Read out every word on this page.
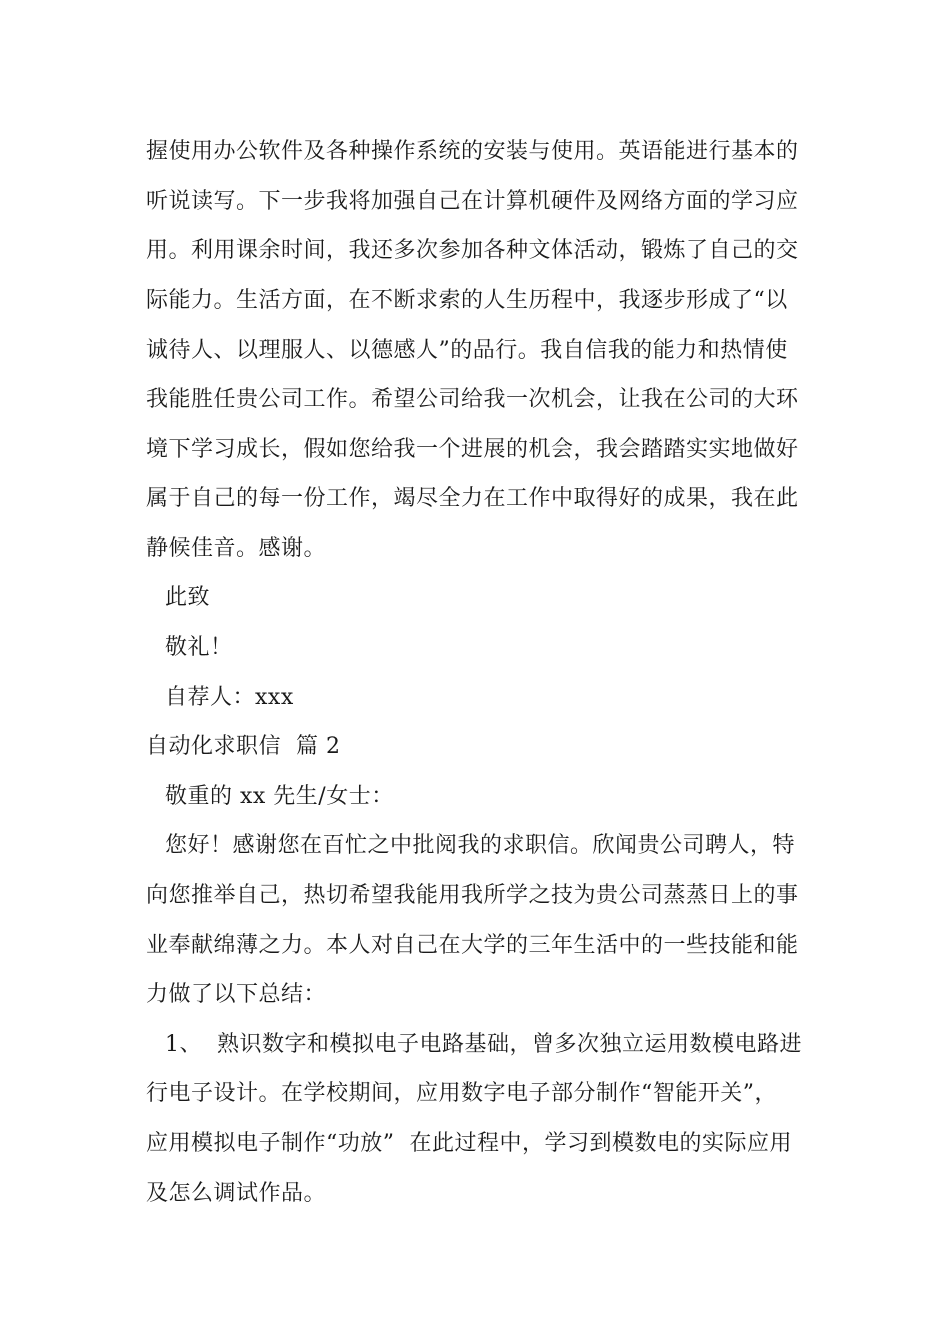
握使用办公软件及各种操作系统的安装与使用。英语能进行基本的
听说读写。下一步我将加强自己在计算机硬件及网络方面的学习应
用。利用课余时间，我还多次参加各种文体活动，锻炼了自己的交
际能力。生活方面，在不断求索的人生历程中，我逐步形成了“以
诚待人、以理服人、以德感人”的品行。我自信我的能力和热情使
我能胜任贵公司工作。希望公司给我一次机会，让我在公司的大环
境下学习成长，假如您给我一个进展的机会，我会踏踏实实地做好
属于自己的每一份工作，竭尽全力在工作中取得好的成果，我在此
静候佳音。感谢。
此致
敬礼！
自荐人：xxx
自动化求职信  篇 2
敬重的 xx 先生/女士：
您好！感谢您在百忙之中批阅我的求职信。欣闻贵公司聘人，特
向您推举自己，热切希望我能用我所学之技为贵公司蒸蒸日上的事
业奉献绵薄之力。本人对自己在大学的三年生活中的一些技能和能
力做了以下总结：
1、  熟识数字和模拟电子电路基础，曾多次独立运用数模电路进
行电子设计。在学校期间，应用数字电子部分制作“智能开关”，
应用模拟电子制作“功放”  在此过程中，学习到模数电的实际应用
及怎么调试作品。
